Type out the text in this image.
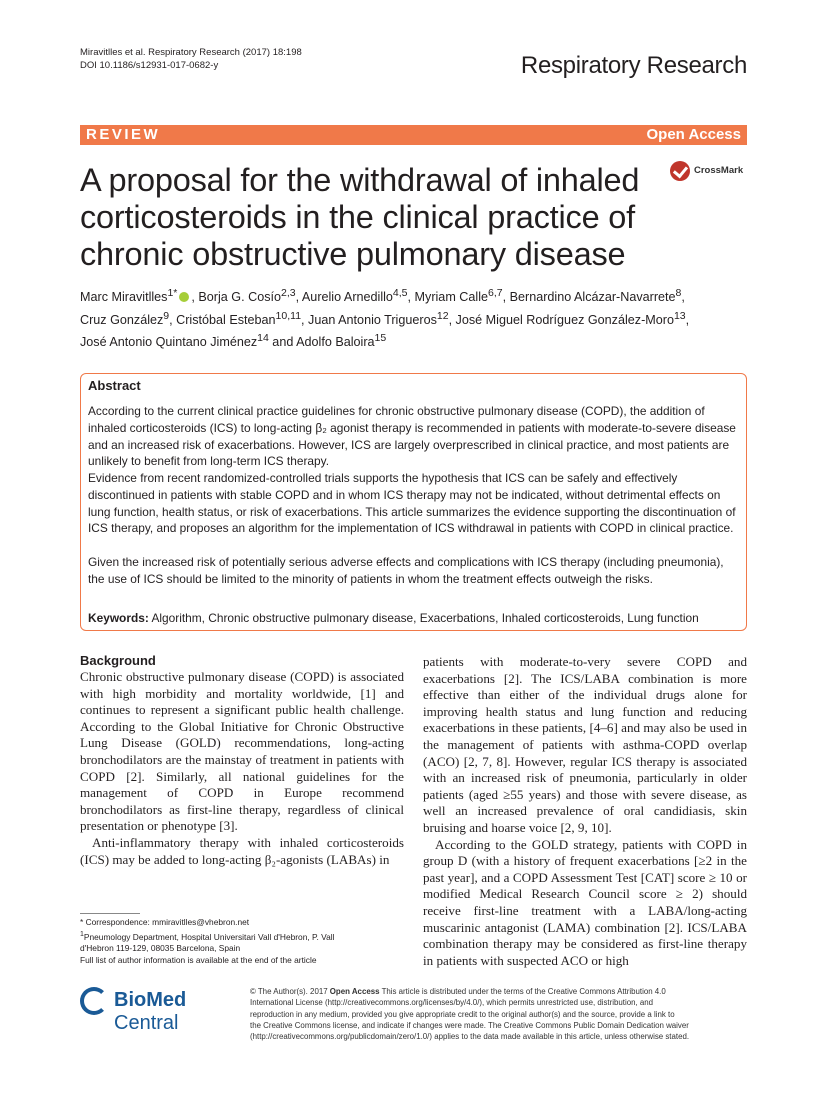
Miravitlles et al. Respiratory Research (2017) 18:198
DOI 10.1186/s12931-017-0682-y	Respiratory Research
REVIEW	Open Access
CrossMark
A proposal for the withdrawal of inhaled corticosteroids in the clinical practice of chronic obstructive pulmonary disease
Marc Miravitlles$^{1*}$ , Borja G. Cosío$^{2,3}$, Aurelio Arnedillo$^{4,5}$, Myriam Calle$^{6,7}$, Bernardino Alcázar-Navarrete$^8$,
Cruz González$^9$, Cristóbal Esteban$^{10,11}$, Juan Antonio Trigueros$^{12}$, José Miguel Rodríguez González-Moro$^{13}$,
José Antonio Quintano Jiménez$^{14}$ and Adolfo Baloira$^{15}$
Abstract
According to the current clinical practice guidelines for chronic obstructive pulmonary disease (COPD), the addition of inhaled corticosteroids (ICS) to long-acting β₂ agonist therapy is recommended in patients with moderate-to-severe disease and an increased risk of exacerbations. However, ICS are largely overprescribed in clinical practice, and most patients are unlikely to benefit from long-term ICS therapy.
Evidence from recent randomized-controlled trials supports the hypothesis that ICS can be safely and effectively discontinued in patients with stable COPD and in whom ICS therapy may not be indicated, without detrimental effects on lung function, health status, or risk of exacerbations. This article summarizes the evidence supporting the discontinuation of ICS therapy, and proposes an algorithm for the implementation of ICS withdrawal in patients with COPD in clinical practice.
Given the increased risk of potentially serious adverse effects and complications with ICS therapy (including pneumonia), the use of ICS should be limited to the minority of patients in whom the treatment effects outweigh the risks.
Keywords: Algorithm, Chronic obstructive pulmonary disease, Exacerbations, Inhaled corticosteroids, Lung function
Background

Chronic obstructive pulmonary disease (COPD) is associated with high morbidity and mortality worldwide, [1] and continues to represent a significant public health challenge. According to the Global Initiative for Chronic Obstructive Lung Disease (GOLD) recommendations, long-acting bronchodilators are the mainstay of treatment in patients with COPD [2]. Similarly, all national guidelines for the management of COPD in Europe recommend bronchodilators as first-line therapy, regardless of clinical presentation or phenotype [3].

Anti-inflammatory therapy with inhaled corticosteroids (ICS) may be added to long-acting β₂-agonists (LABAs) in

patients with moderate-to-very severe COPD and exacerbations [2]. The ICS/LABA combination is more effective than either of the individual drugs alone for improving health status and lung function and reducing exacerbations in these patients, [4–6] and may also be used in the management of patients with asthma-COPD overlap (ACO) [2, 7, 8]. However, regular ICS therapy is associated with an increased risk of pneumonia, particularly in older patients (aged ≥55 years) and those with severe disease, as well an increased prevalence of oral candidiasis, skin bruising and hoarse voice [2, 9, 10].

According to the GOLD strategy, patients with COPD in group D (with a history of frequent exacerbations [≥2 in the past year], and a COPD Assessment Test [CAT] score ≥ 10 or modified Medical Research Council score ≥ 2) should receive first-line treatment with a LABA/long-acting muscarinic antagonist (LAMA) combination [2]. ICS/LABA combination therapy may be considered as first-line therapy in patients with suspected ACO or high

* Correspondence: mmiravitlles@vhebron.net
$^1$Pneumology Department, Hospital Universitari Vall d'Hebron, P. Vall
d'Hebron 119-129, 08035 Barcelona, Spain
Full list of author information is available at the end of the article
BioMed Central
© The Author(s). 2017 Open Access This article is distributed under the terms of the Creative Commons Attribution 4.0
International License (http://creativecommons.org/licenses/by/4.0/), which permits unrestricted use, distribution, and
reproduction in any medium, provided you give appropriate credit to the original author(s) and the source, provide a link to
the Creative Commons license, and indicate if changes were made. The Creative Commons Public Domain Dedication waiver
(http://creativecommons.org/publicdomain/zero/1.0/) applies to the data made available in this article, unless otherwise stated.
